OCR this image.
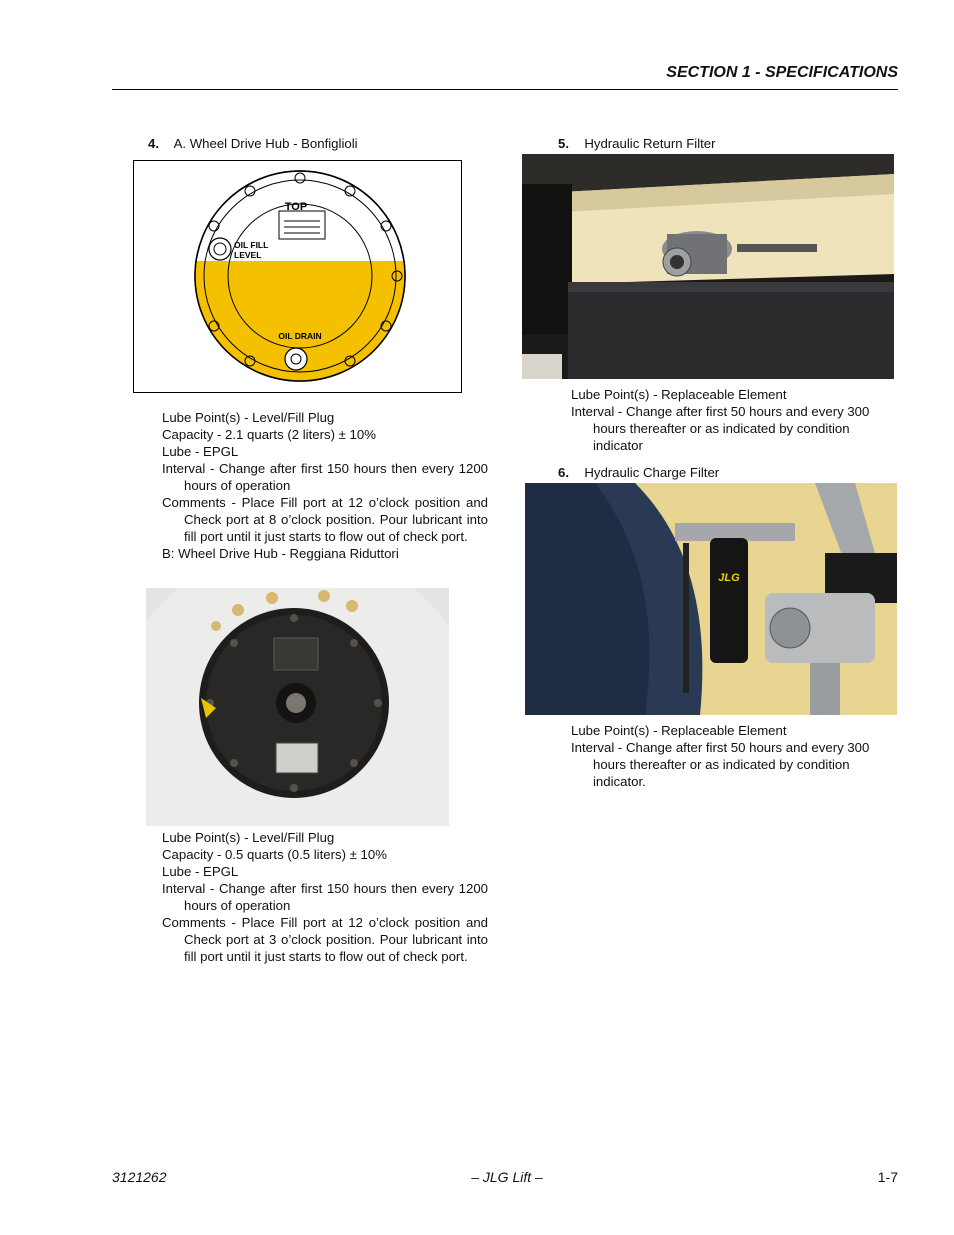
SECTION 1 - SPECIFICATIONS
4. A. Wheel Drive Hub - Bonfiglioli
TOP
OIL FILL
LEVEL
OIL DRAIN
Lube Point(s) - Level/Fill Plug
Capacity - 2.1 quarts (2 liters) ± 10%
Lube - EPGL
Interval - Change after first 150 hours then every 1200 hours of operation
Comments - Place Fill port at 12 o’clock position and Check port at 8 o’clock position. Pour lubricant into fill port until it just starts to flow out of check port.
B: Wheel Drive Hub - Reggiana Riduttori
Lube Point(s) - Level/Fill Plug
Capacity - 0.5 quarts (0.5 liters) ± 10%
Lube - EPGL
Interval - Change after first 150 hours then every 1200 hours of operation
Comments - Place Fill port at 12 o’clock position and Check port at 3 o’clock position. Pour lubricant into fill port until it just starts to flow out of check port.
5. Hydraulic Return Filter
Lube Point(s) - Replaceable Element
Interval - Change after first 50 hours and every 300 hours thereafter or as indicated by condition indicator
6. Hydraulic Charge Filter
JLG
Lube Point(s) - Replaceable Element
Interval - Change after first 50 hours and every 300 hours thereafter or as indicated by condition indicator.
3121262	– JLG Lift –	1-7
